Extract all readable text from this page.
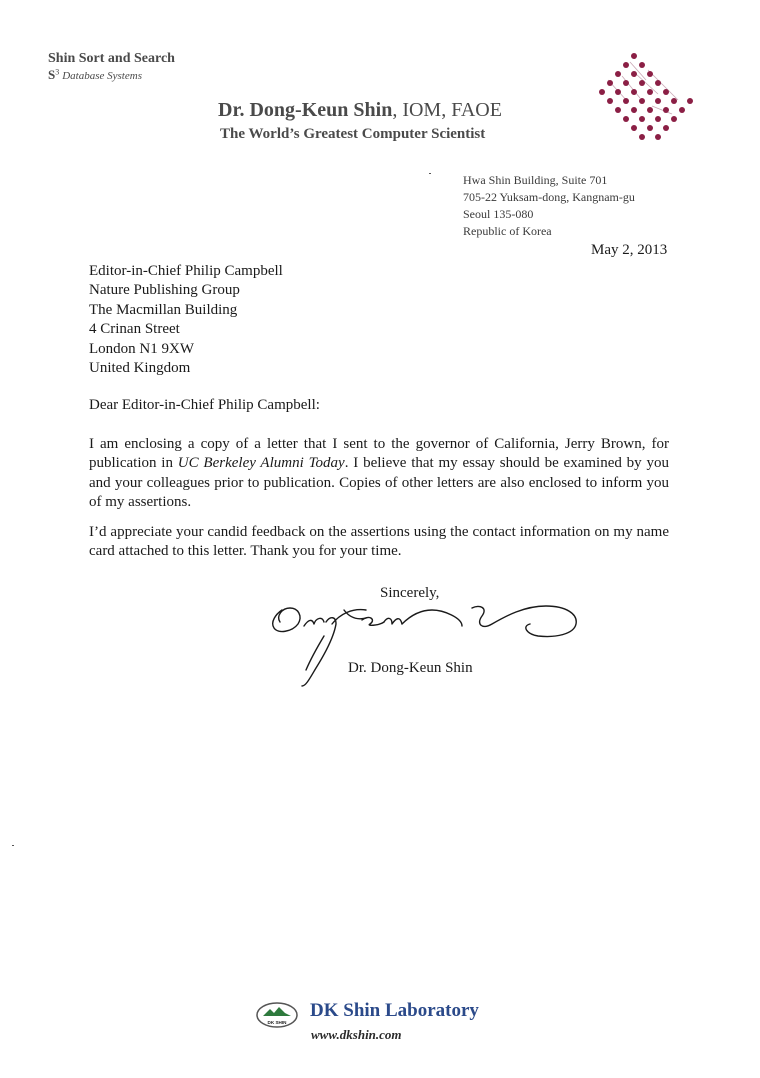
Shin Sort and Search
$S^3$ Database Systems
Dr. Dong-Keun Shin, IOM, FAOE
The World’s Greatest Computer Scientist
Hwa Shin Building, Suite 701
705-22 Yuksam-dong, Kangnam-gu
Seoul 135-080
Republic of Korea
May 2, 2013
Editor-in-Chief Philip Campbell
Nature Publishing Group
The Macmillan Building
4 Crinan Street
London N1 9XW
United Kingdom
Dear Editor-in-Chief Philip Campbell:
I am enclosing a copy of a letter that I sent to the governor of California, Jerry Brown, for publication in UC Berkeley Alumni Today. I believe that my essay should be examined by you and your colleagues prior to publication. Copies of other letters are also enclosed to inform you of my assertions.
I’d appreciate your candid feedback on the assertions using the contact information on my name card attached to this letter. Thank you for your time.
Sincerely,
Dr. Dong-Keun Shin
DK SHIN
DK Shin Laboratory
www.dkshin.com
